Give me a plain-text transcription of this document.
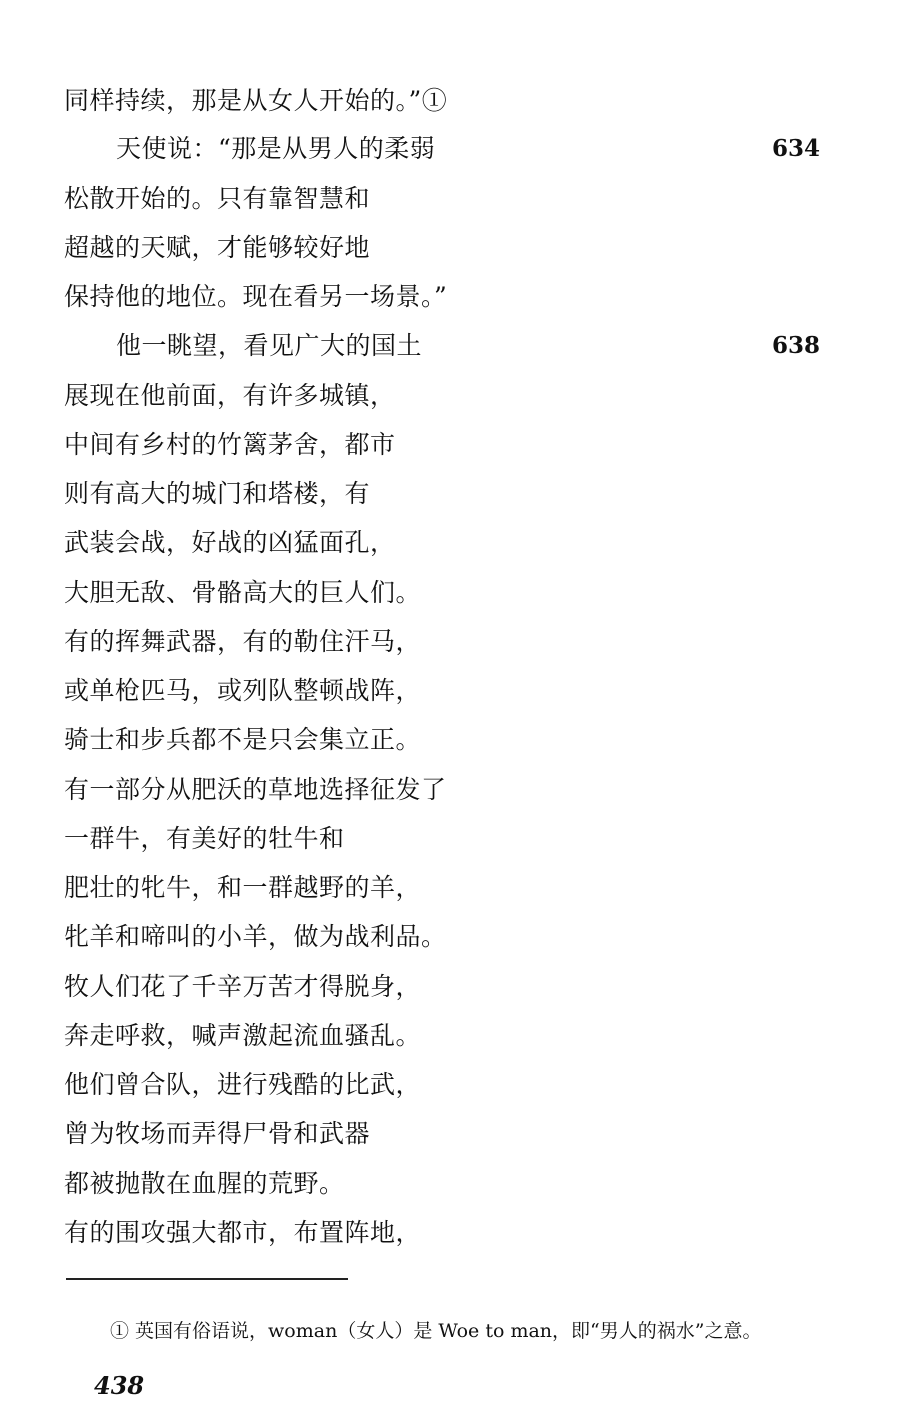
同样持续，那是从女人开始的。”①
天使说：“那是从男人的柔弱	634
松散开始的。只有靠智慧和
超越的天赋，才能够较好地
保持他的地位。现在看另一场景。”
他一眺望，看见广大的国土	638
展现在他前面，有许多城镇，
中间有乡村的竹篱茅舍，都市
则有高大的城门和塔楼，有
武装会战，好战的凶猛面孔，
大胆无敌、骨骼高大的巨人们。
有的挥舞武器，有的勒住汗马，
或单枪匹马，或列队整顿战阵，
骑士和步兵都不是只会集立正。
有一部分从肥沃的草地选择征发了
一群牛，有美好的牡牛和
肥壮的牝牛，和一群越野的羊，
牝羊和啼叫的小羊，做为战利品。
牧人们花了千辛万苦才得脱身，
奔走呼救，喊声激起流血骚乱。
他们曾合队，进行残酷的比武，
曾为牧场而弄得尸骨和武器
都被抛散在血腥的荒野。
有的围攻强大都市，布置阵地，
① 英国有俗语说，woman（女人）是 Woe to man，即“男人的祸水”之意。
438
